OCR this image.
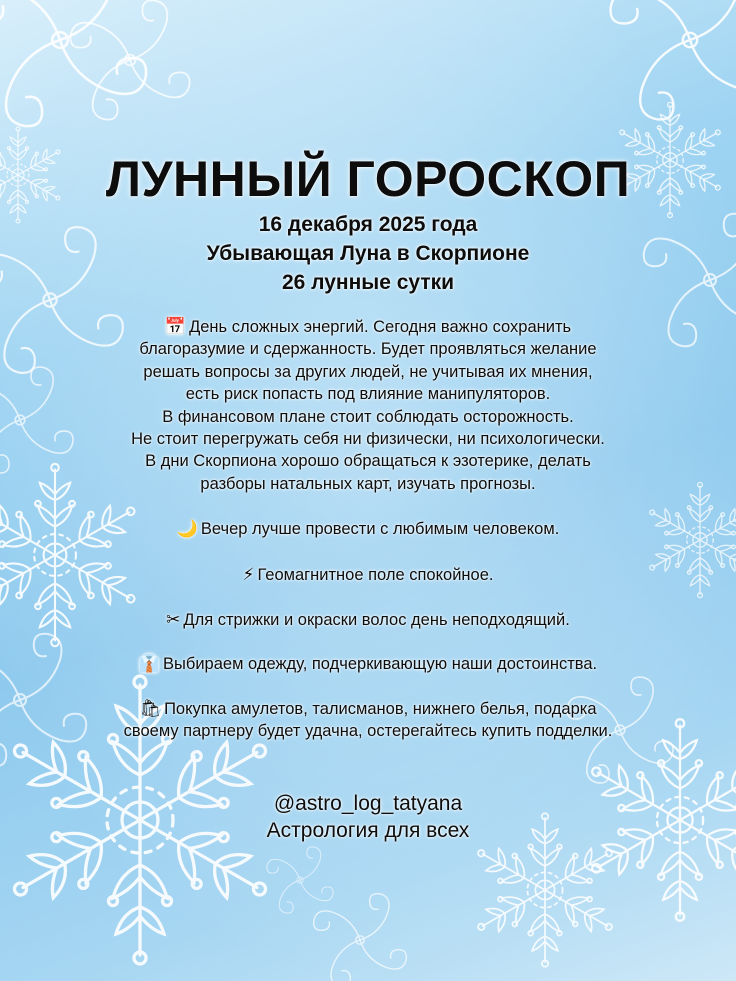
ЛУННЫЙ ГОРОСКОП
16 декабря 2025 года
Убывающая Луна в Скорпионе
26 лунные сутки
📅 День сложных энергий. Сегодня важно сохранить
благоразумие и сдержанность. Будет проявляться желание
решать вопросы за других людей, не учитывая их мнения,
есть риск попасть под влияние манипуляторов.
В финансовом плане стоит соблюдать осторожность.
Не стоит перегружать себя ни физически, ни психологически.
В дни Скорпиона хорошо обращаться к эзотерике, делать
разборы натальных карт, изучать прогнозы.
🌙 Вечер лучше провести с любимым человеком.
⚡ Геомагнитное поле спокойное.
✂ Для стрижки и окраски волос день неподходящий.
👔 Выбираем одежду, подчеркивающую наши достоинства.
🛍 Покупка амулетов, талисманов, нижнего белья, подарка
своему партнеру будет удачна, остерегайтесь купить подделки.
@astro_log_tatyana
Астрология для всех
